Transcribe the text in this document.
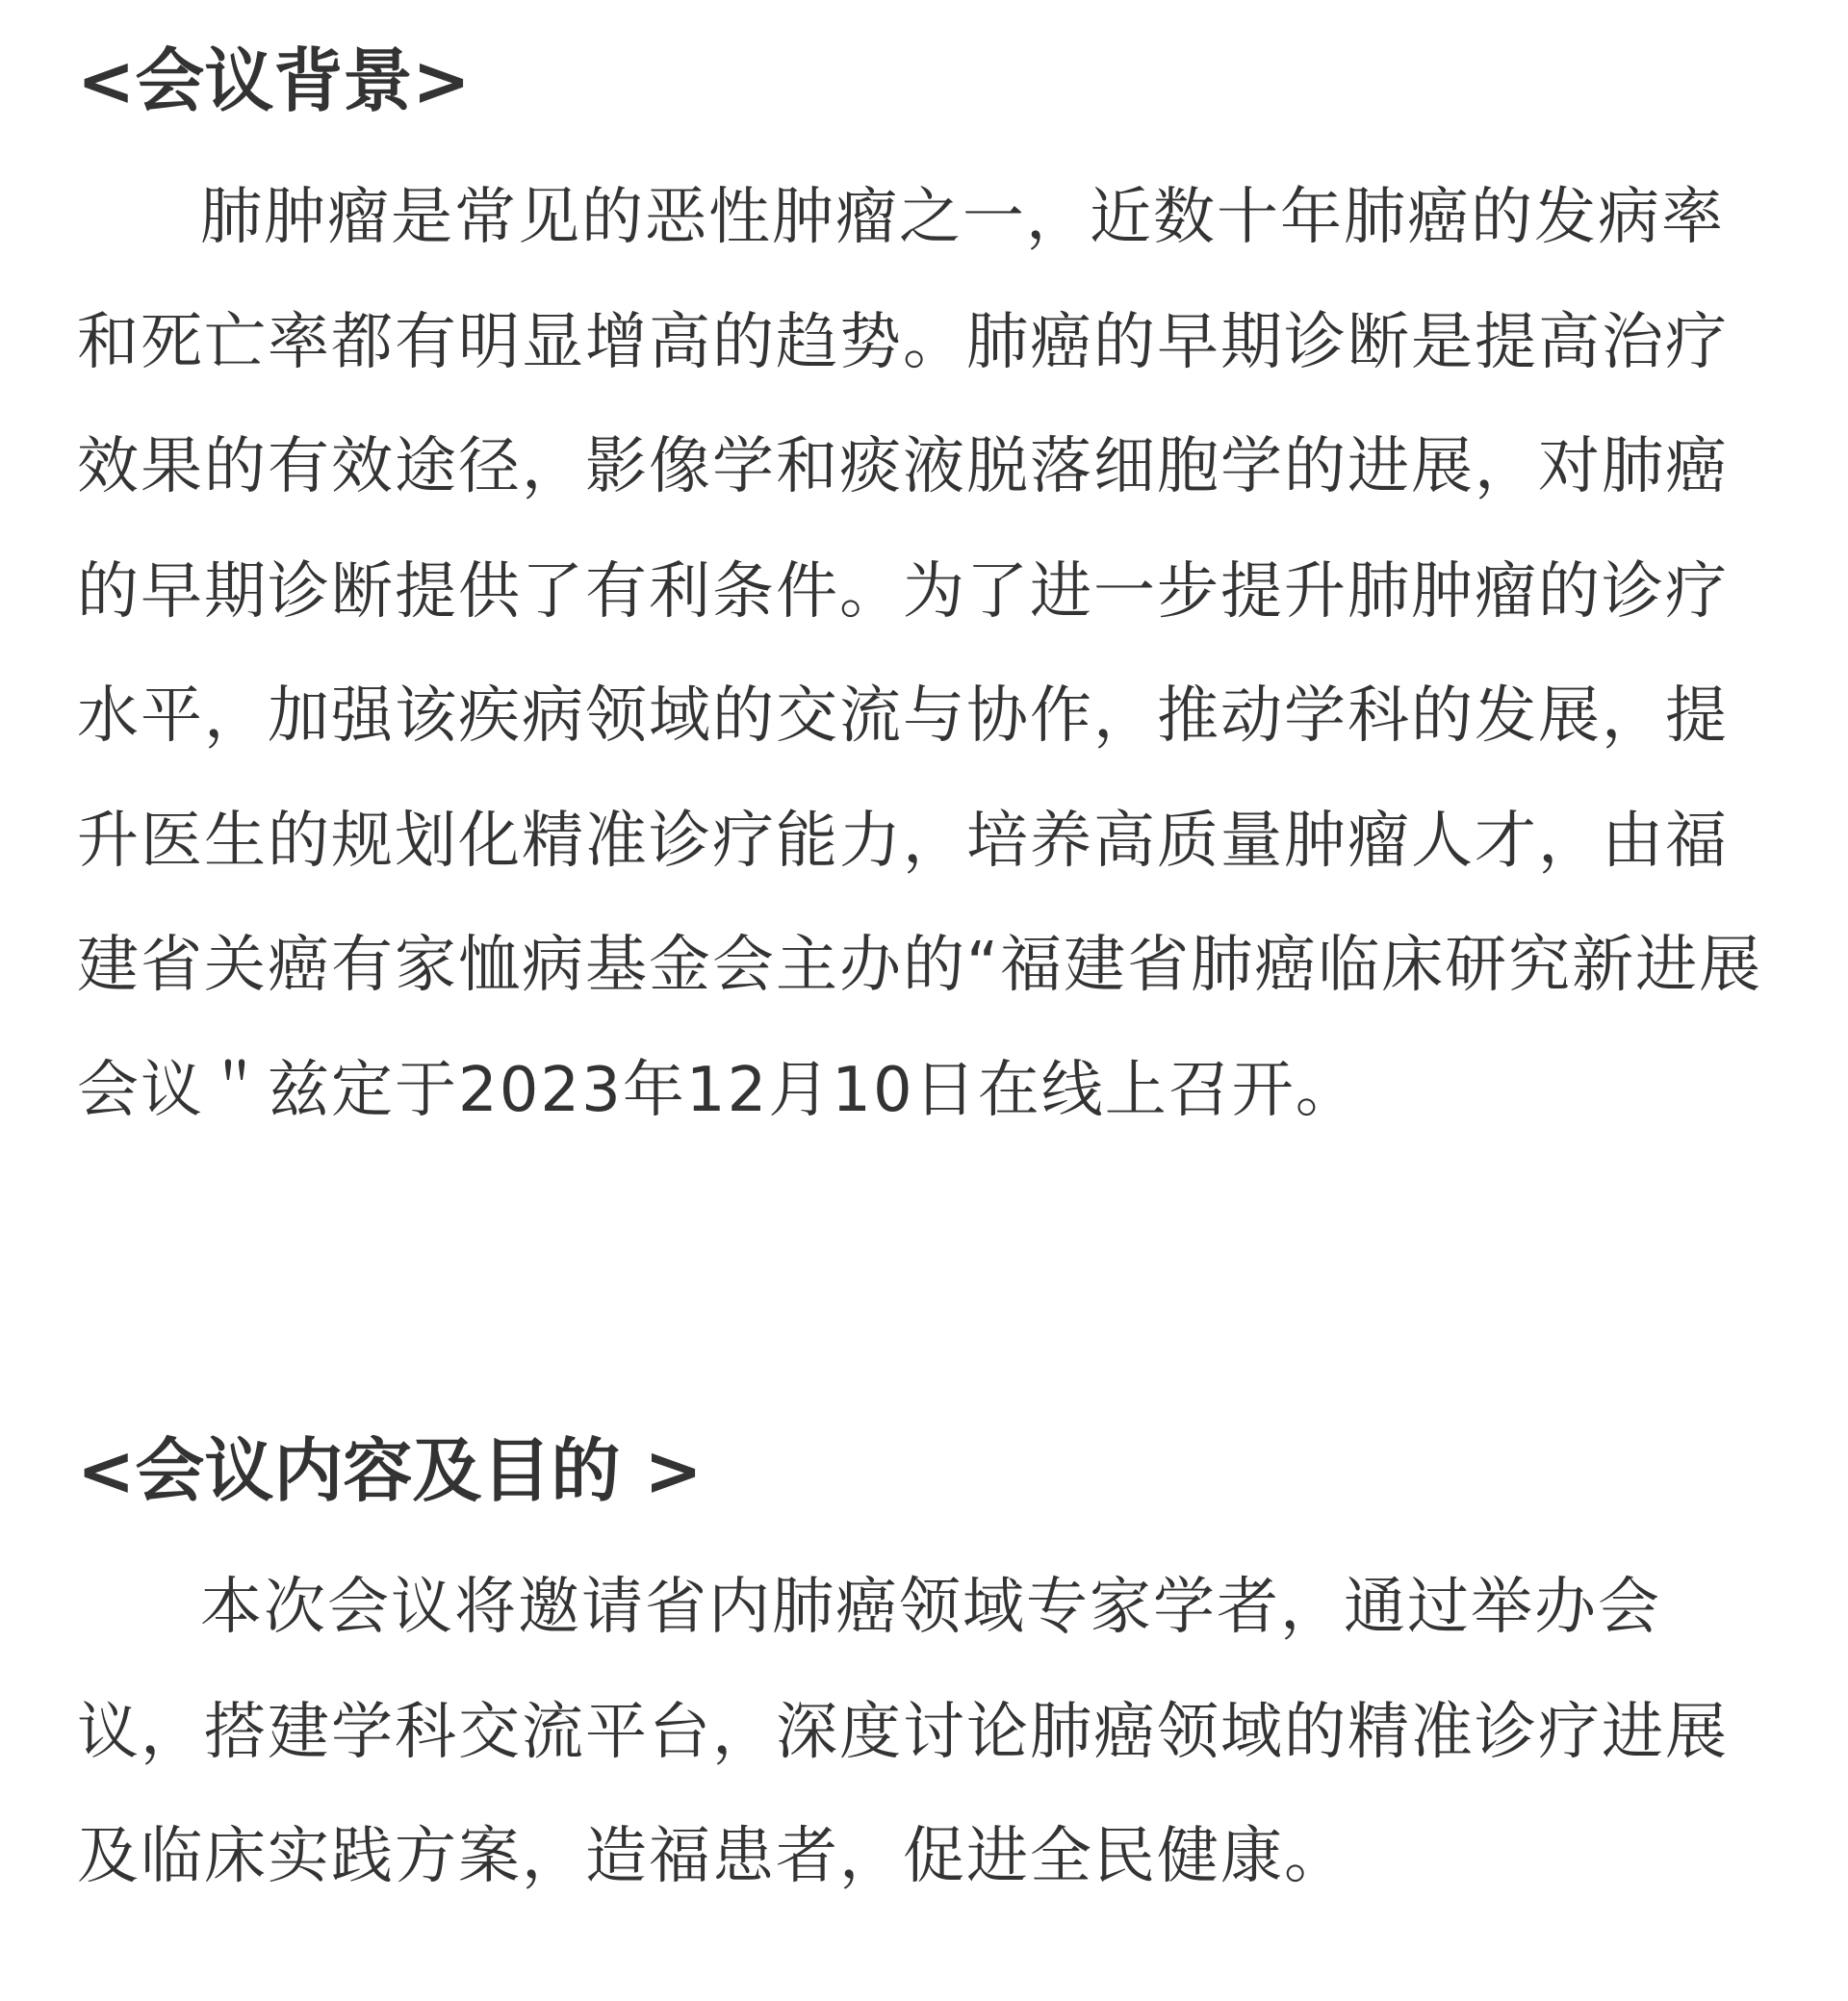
<会议背景>

肺肿瘤是常见的恶性肿瘤之一，近数十年肺癌的发病率和死亡率都有明显增高的趋势。肺癌的早期诊断是提高治疗效果的有效途径，影像学和痰液脱落细胞学的进展，对肺癌的早期诊断提供了有利条件。为了进一步提升肺肿瘤的诊疗水平，加强该疾病领域的交流与协作，推动学科的发展，提升医生的规划化精准诊疗能力，培养高质量肿瘤人才，由福建省关癌有家恤病基金会主办的“福建省肺癌临床研究新进展会议＂兹定于2023年12月10日在线上召开。

<会议内容及目的 >

本次会议将邀请省内肺癌领域专家学者，通过举办会议，搭建学科交流平台，深度讨论肺癌领域的精准诊疗进展及临床实践方案，造福患者，促进全民健康。
